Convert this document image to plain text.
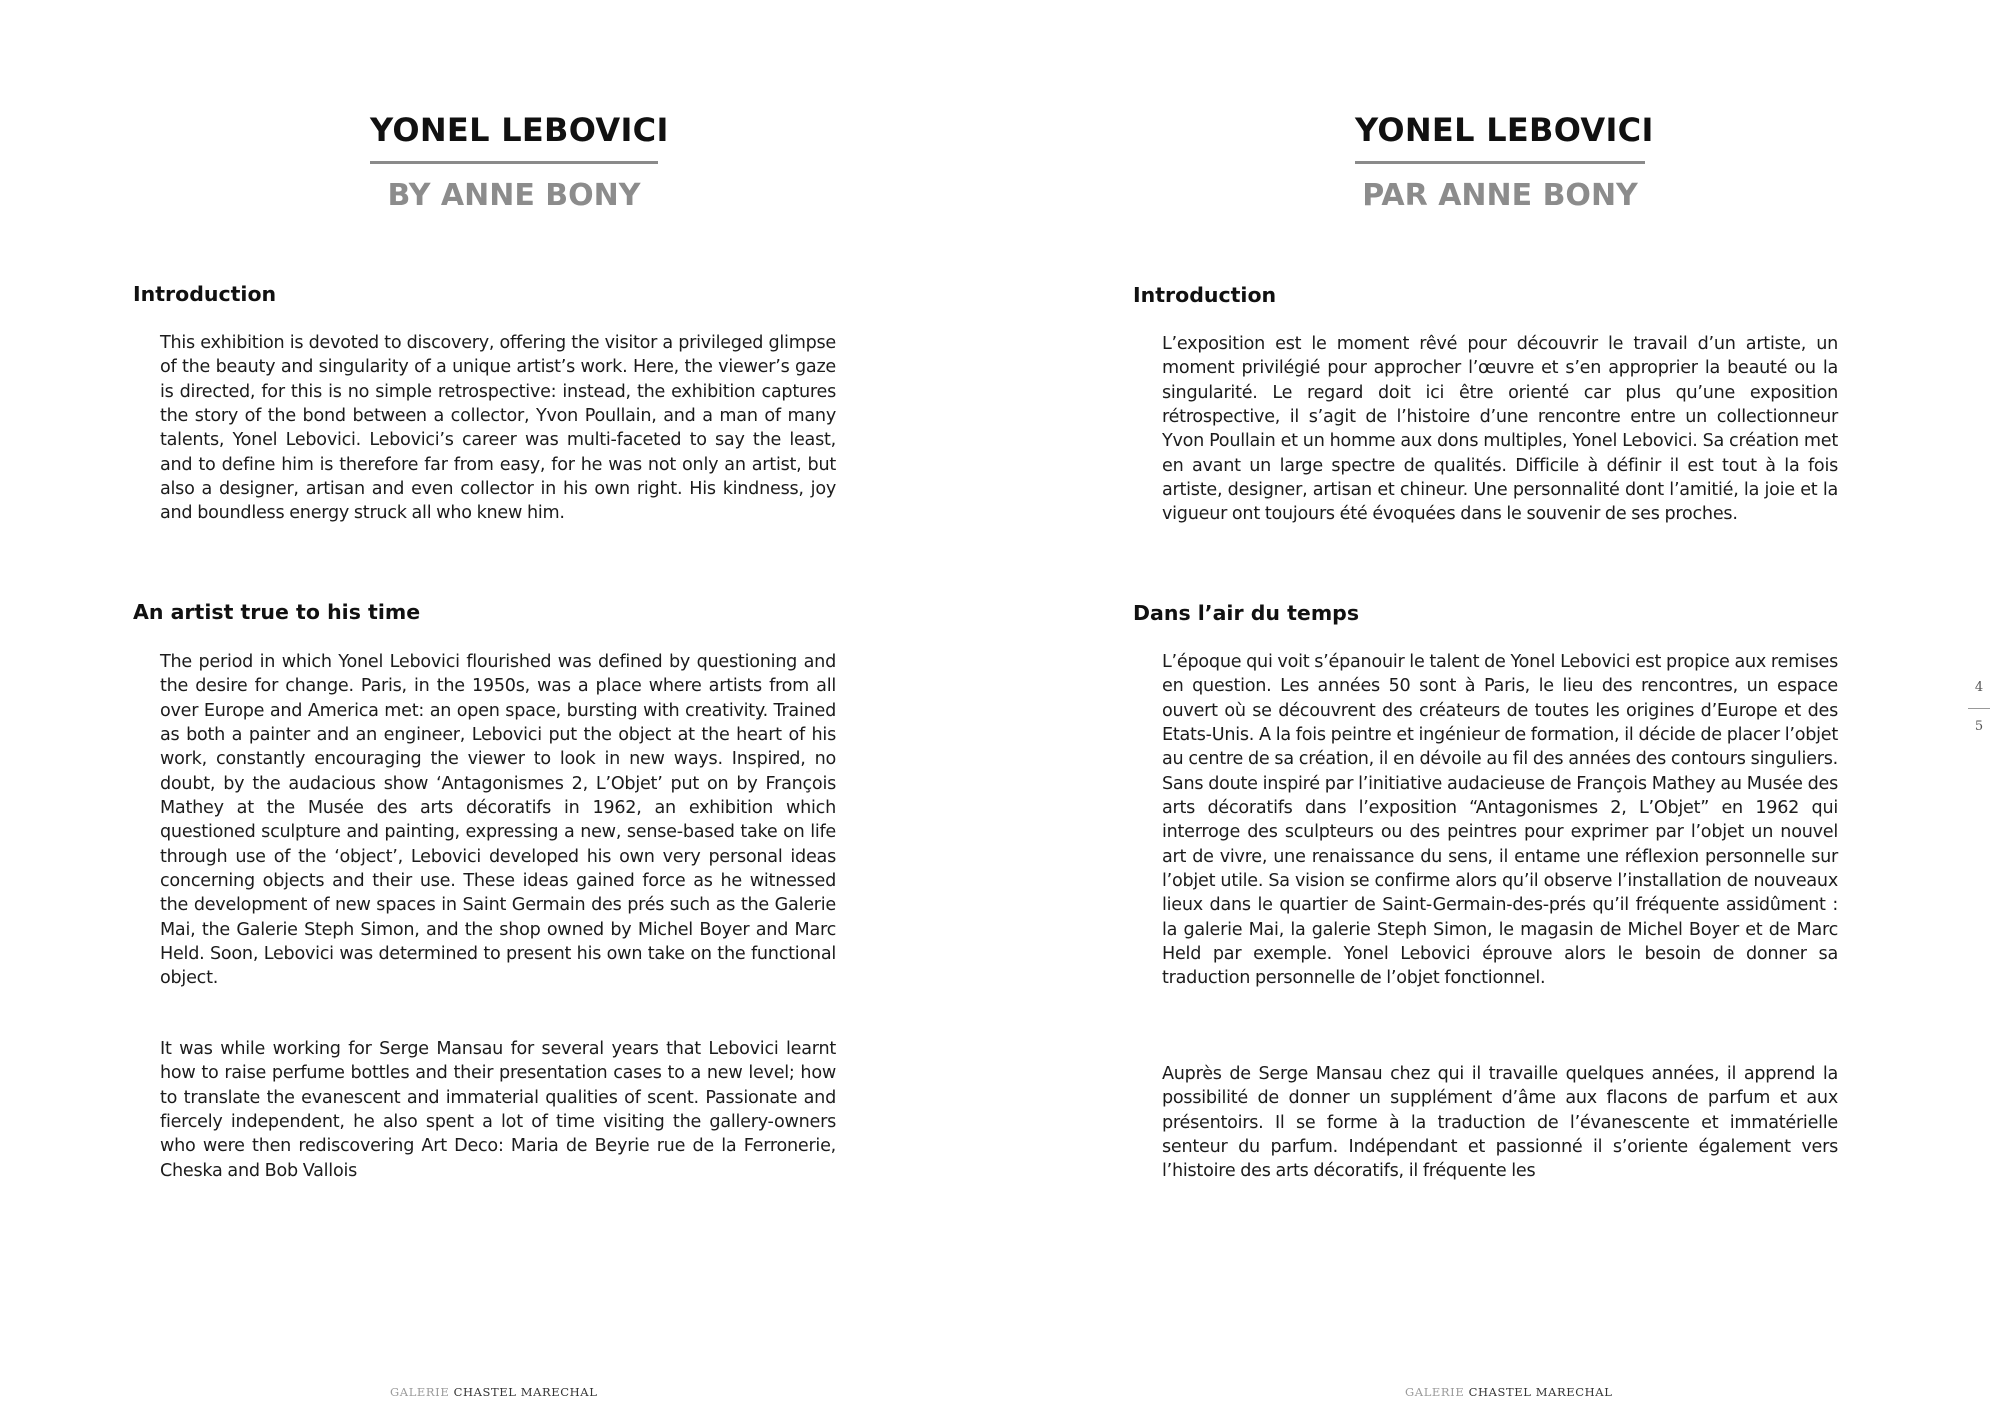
YONEL LEBOVICI
BY ANNE BONY
Introduction

This exhibition is devoted to discovery, offering the visitor a privileged glimpse of the beauty and singularity of a unique artist’s work. Here, the viewer’s gaze is directed, for this is no simple retrospective: instead, the exhibition captures the story of the bond between a collector, Yvon Poullain, and a man of many talents, Yonel Lebovici. Lebovici’s career was multi-faceted to say the least, and to define him is therefore far from easy, for he was not only an artist, but also a designer, artisan and even collector in his own right. His kindness, joy and boundless energy struck all who knew him.

An artist true to his time

The period in which Yonel Lebovici flourished was defined by questioning and the desire for change. Paris, in the 1950s, was a place where artists from all over Europe and America met: an open space, bursting with creativity. Trained as both a painter and an engineer, Lebovici put the object at the heart of his work, constantly encouraging the viewer to look in new ways. Inspired, no doubt, by the audacious show ‘Antagonismes 2, L’Objet’ put on by François Mathey at the Musée des arts décoratifs in 1962, an exhibition which questioned sculpture and painting, expressing a new, sense-based take on life through use of the ‘object’, Lebovici developed his own very personal ideas concerning objects and their use. These ideas gained force as he witnessed the development of new spaces in Saint Germain des prés such as the Galerie Mai, the Galerie Steph Simon, and the shop owned by Michel Boyer and Marc Held. Soon, Lebovici was determined to present his own take on the functional object.

It was while working for Serge Mansau for several years that Lebovici learnt how to raise perfume bottles and their presentation cases to a new level; how to translate the evanescent and immaterial qualities of scent. Passionate and fiercely independent, he also spent a lot of time visiting the gallery-owners who were then rediscovering Art Deco: Maria de Beyrie rue de la Ferronerie, Cheska and Bob Vallois

GALERIE CHASTEL MARECHAL
YONEL LEBOVICI
PAR ANNE BONY
Introduction

L’exposition est le moment rêvé pour découvrir le travail d’un artiste, un moment privilégié pour approcher l’œuvre et s’en approprier la beauté ou la singularité. Le regard doit ici être orienté car plus qu’une exposition rétrospective, il s’agit de l’histoire d’une rencontre entre un collectionneur Yvon Poullain et un homme aux dons multiples, Yonel Lebovici. Sa création met en avant un large spectre de qualités. Difficile à définir il est tout à la fois artiste, designer, artisan et chineur. Une personnalité dont l’amitié, la joie et la vigueur ont toujours été évoquées dans le souvenir de ses proches.

Dans l’air du temps

L’époque qui voit s’épanouir le talent de Yonel Lebovici est propice aux remises en question. Les années 50 sont à Paris, le lieu des rencontres, un espace ouvert où se découvrent des créateurs de toutes les origines d’Europe et des Etats-Unis. A la fois peintre et ingénieur de formation, il décide de placer l’objet au centre de sa création, il en dévoile au fil des années des contours singuliers. Sans doute inspiré par l’initiative audacieuse de François Mathey au Musée des arts décoratifs dans l’exposition “Antagonismes 2, L’Objet” en 1962 qui interroge des sculpteurs ou des peintres pour exprimer par l’objet un nouvel art de vivre, une renaissance du sens, il entame une réflexion personnelle sur l’objet utile. Sa vision se confirme alors qu’il observe l’installation de nouveaux lieux dans le quartier de Saint-Germain-des-prés qu’il fréquente assidûment : la galerie Mai, la galerie Steph Simon, le magasin de Michel Boyer et de Marc Held par exemple. Yonel Lebovici éprouve alors le besoin de donner sa traduction personnelle de l’objet fonctionnel.

Auprès de Serge Mansau chez qui il travaille quelques années, il apprend la possibilité de donner un supplément d’âme aux flacons de parfum et aux présentoirs. Il se forme à la traduction de l’évanescente et immatérielle senteur du parfum. Indépendant et passionné il s’oriente également vers l’histoire des arts décoratifs, il fréquente les

GALERIE CHASTEL MARECHAL
4
5
